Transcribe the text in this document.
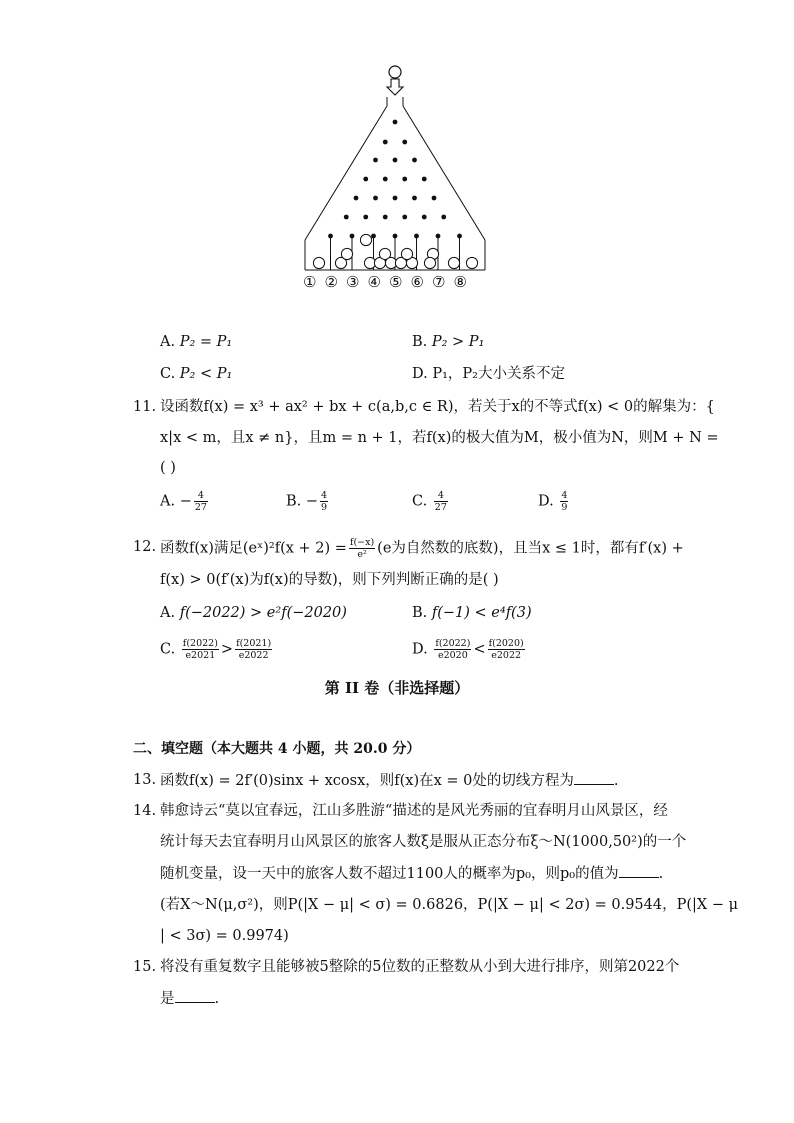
① ② ③ ④ ⑤ ⑥ ⑦ ⑧
A. P₂ = P₁	B. P₂ > P₁
C. P₂ < P₁	D. P₁，P₂大小关系不定
11. 设函数f(x) = x³ + ax² + bx + c(a,b,c ∈ R)，若关于x的不等式f(x) < 0的解集为：{
x|x < m，且x ≠ n}，且m = n + 1，若f(x)的极大值为M，极小值为N，则M + N =
( )
A. − $\frac{4}{27}$	B. − $\frac{4}{9}$	C. $\frac{4}{27}$	D. $\frac{4}{9}$
12. 函数f(x)满足(eˣ)²f(x + $2) = \frac{f(-x)}{\text{e²}} (e$为自然数的底数)，且当x ≤ 1时，都有f′(x) +
f(x) > 0(f′(x)为f(x)的导数)，则下列判断正确的是( )
A. f(−2022) > e²f(−2020)	B. f(−1) < e⁴f(3)
C. $\frac{f(2022)}{e2021} > \frac{f(2021)}{e2022}$	D. $\frac{f(2022)}{e2020} < \frac{f(2020)}{e2022}$
第 II 卷（非选择题）
二、填空题（本大题共 4 小题，共 20.0 分）
13. 函数f(x) = 2f′(0)sinx + xcosx，则f(x)在x = 0处的切线方程为	.
14. 韩愈诗云“莫以宜春远，江山多胜游“描述的是风光秀丽的宜春明月山风景区，经
统计每天去宜春明月山风景区的旅客人数ξ是服从正态分布ξ～N(1000,50²)的一个
随机变量，设一天中的旅客人数不超过1100人的概率为p₀，则p₀的值为	.
(若X～N(μ,σ²)，则P(|X − μ| < σ) = 0.6826，P(|X − μ| < 2σ) = 0.9544，P(|X − μ
| < 3σ) = 0.9974)
15. 将没有重复数字且能够被5整除的5位数的正整数从小到大进行排序，则第2022个
是	.
